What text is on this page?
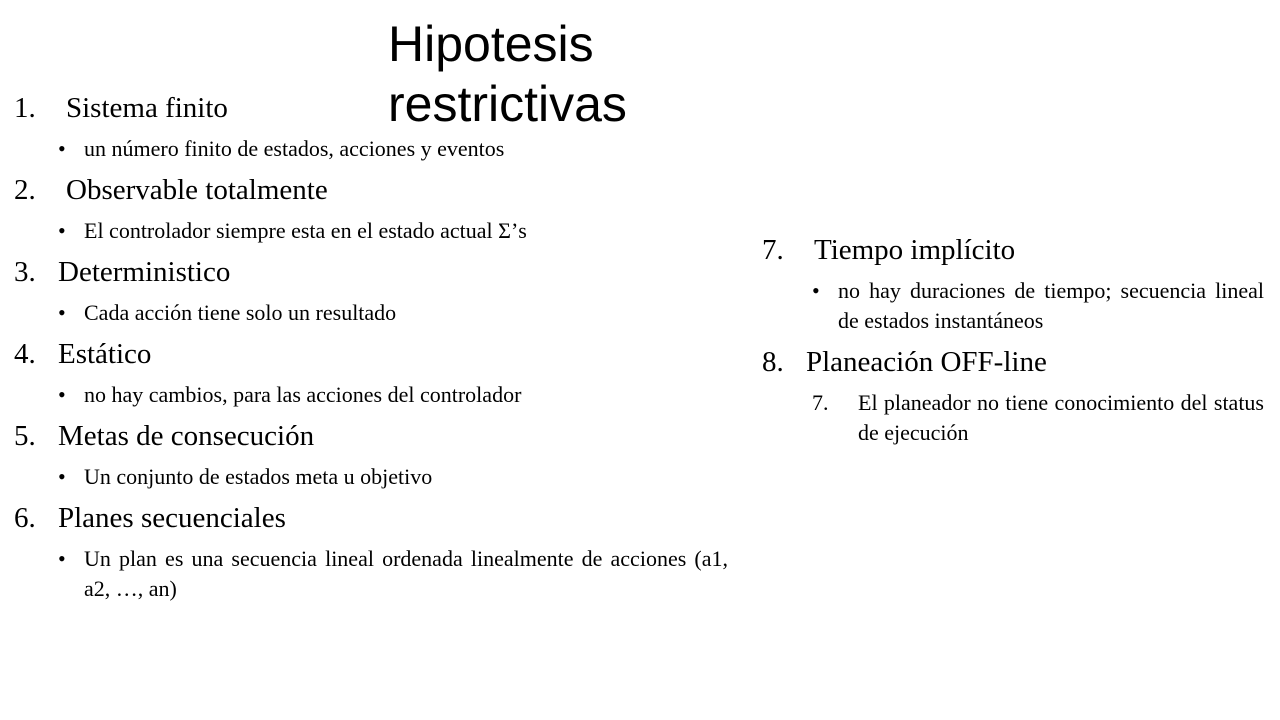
Hipotesis
restrictivas
1.	Sistema finito
• un número finito de estados, acciones y eventos
2.	Observable totalmente
• El controlador siempre esta en el estado actual Σ’s
3. Deterministico
• Cada acción tiene solo un resultado
4. Estático
• no hay cambios, para las acciones del controlador
5. Metas de consecución
• Un conjunto de estados meta u objetivo
6. Planes secuenciales
• Un plan es una secuencia lineal ordenada linealmente de acciones (a1, a2, …, an)
7.	Tiempo implícito
• no hay duraciones de tiempo; secuencia lineal de estados instantáneos
8. Planeación OFF-line
7.	El planeador no tiene conocimiento del status de ejecución
